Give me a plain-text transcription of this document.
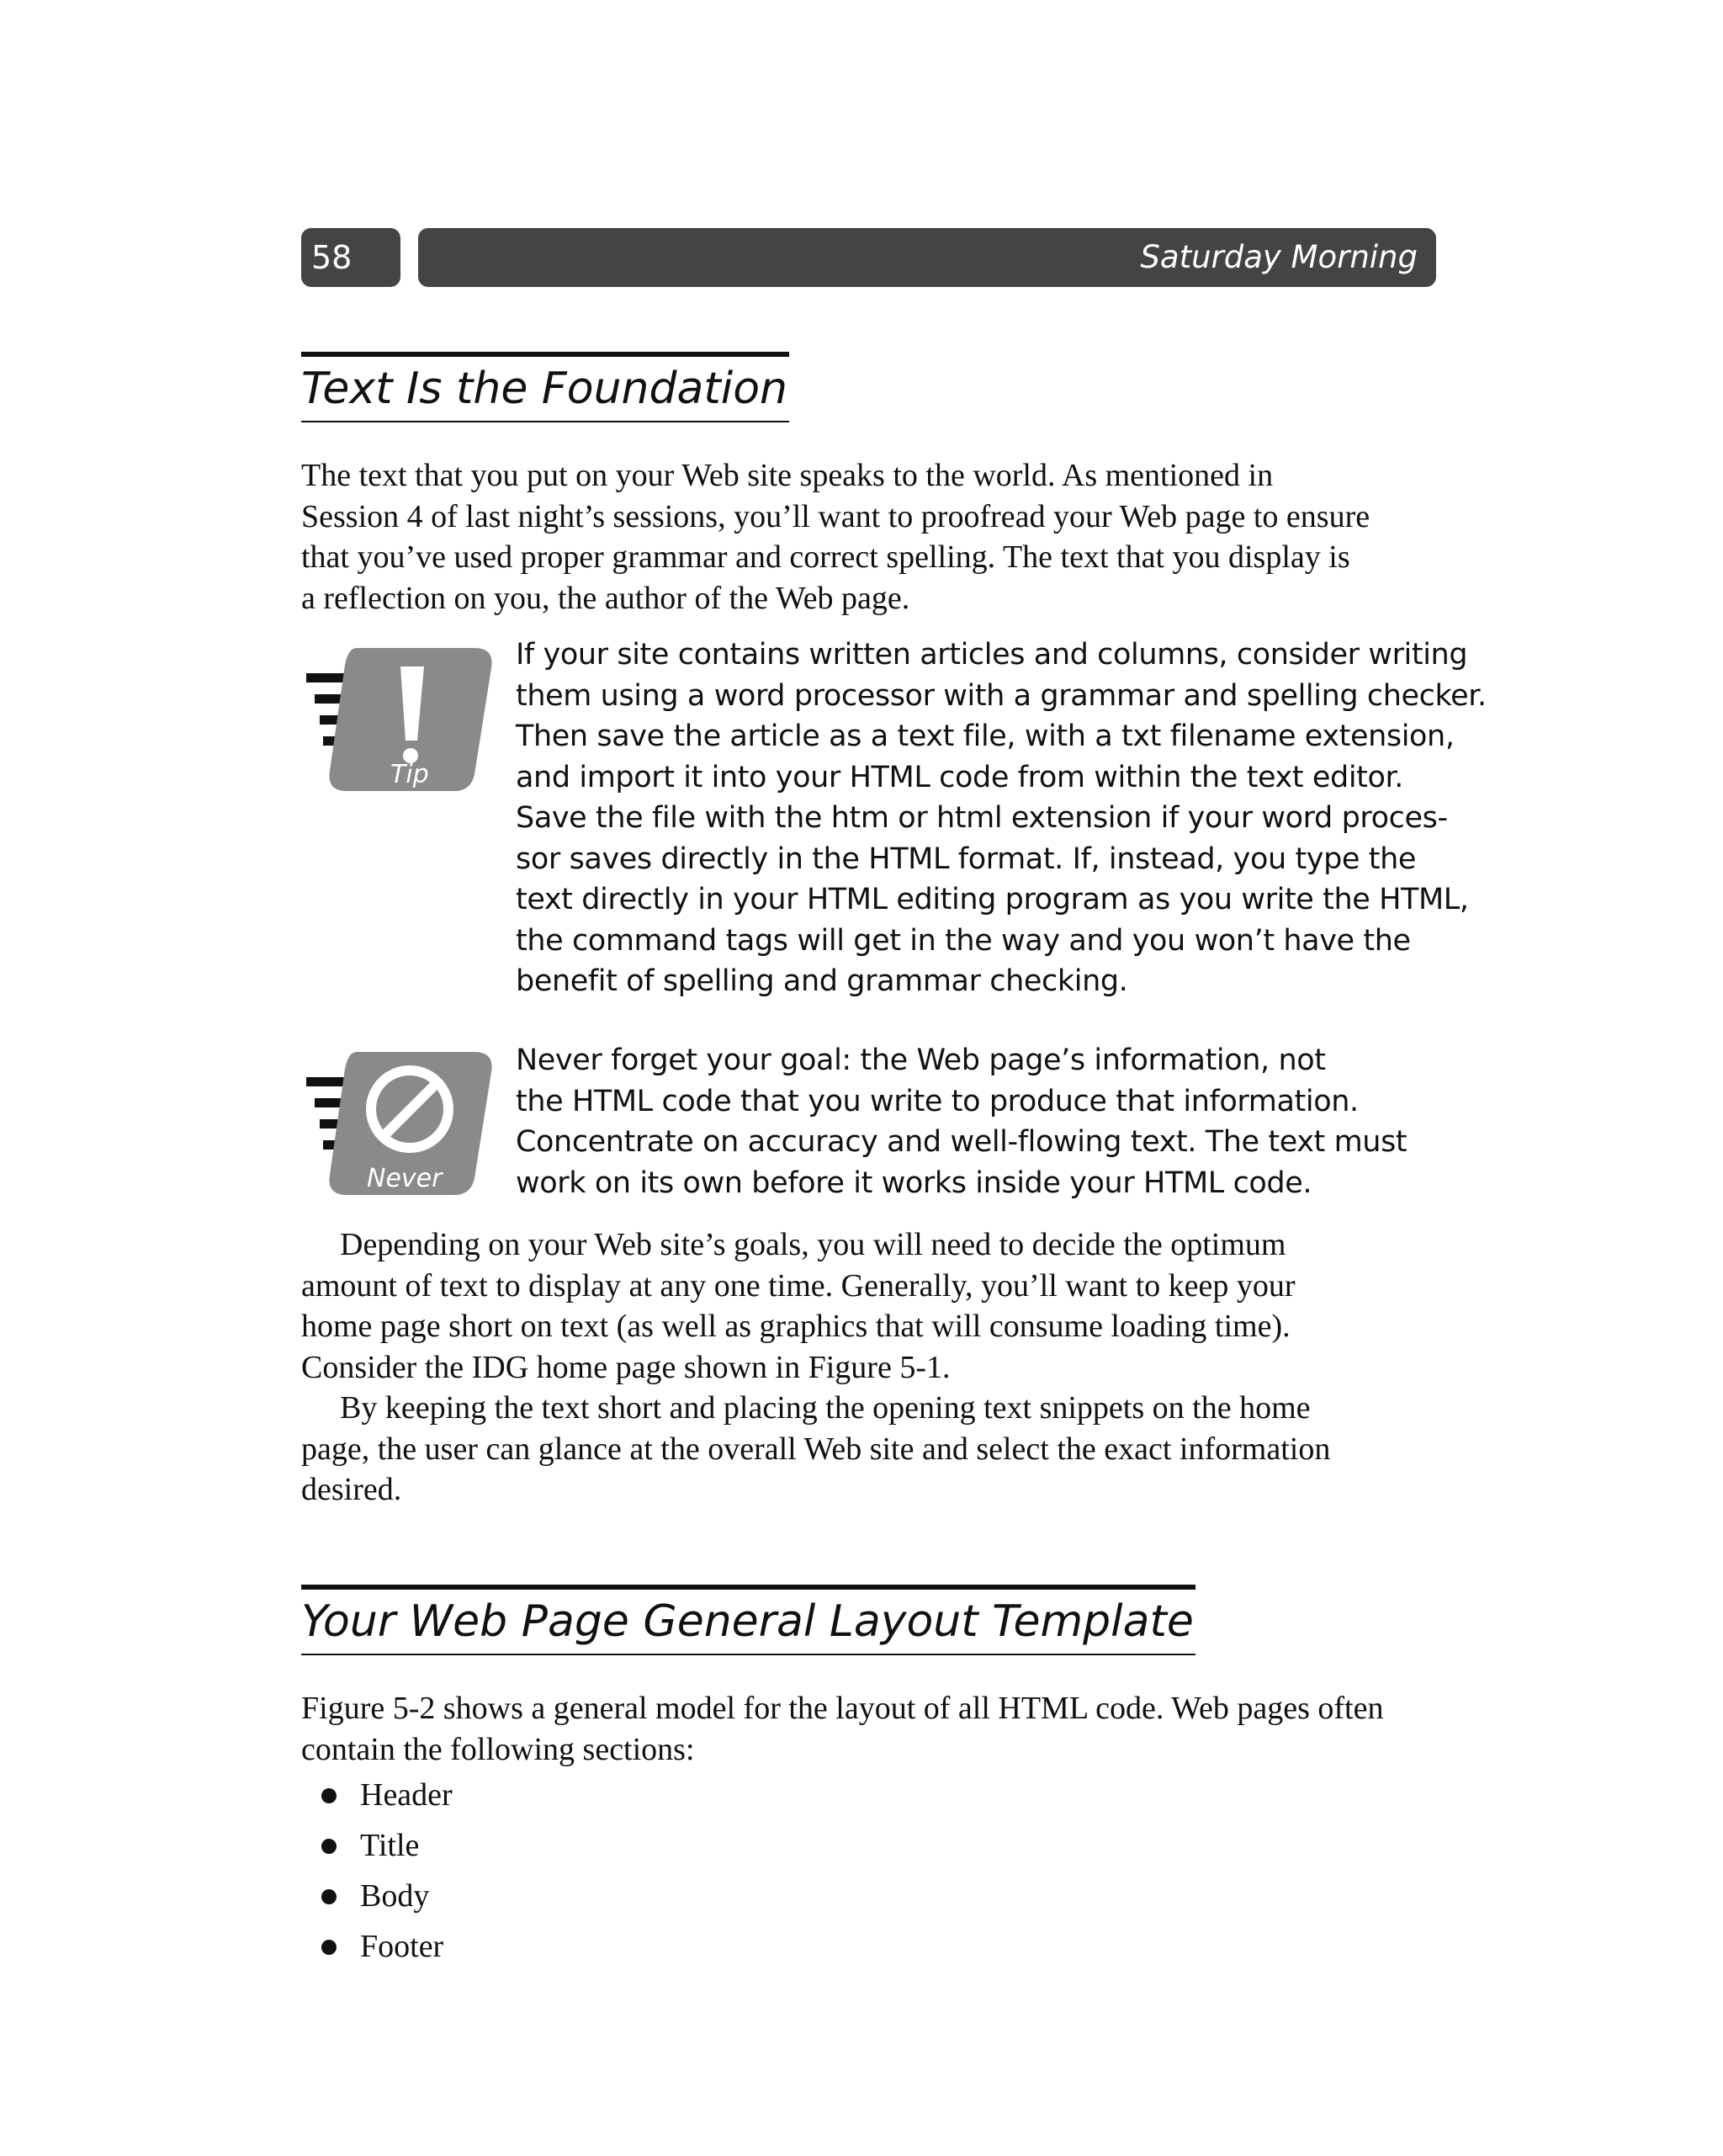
58	Saturday Morning
Text Is the Foundation

The text that you put on your Web site speaks to the world. As mentioned in
Session 4 of last night’s sessions, you’ll want to proofread your Web page to ensure
that you’ve used proper grammar and correct spelling. The text that you display is
a reflection on you, the author of the Web page.

Tip

If your site contains written articles and columns, consider writing
them using a word processor with a grammar and spelling checker.
Then save the article as a text file, with a txt filename extension,
and import it into your HTML code from within the text editor.
Save the file with the htm or html extension if your word proces-
sor saves directly in the HTML format. If, instead, you type the
text directly in your HTML editing program as you write the HTML,
the command tags will get in the way and you won’t have the
benefit of spelling and grammar checking.

Never

Never forget your goal: the Web page’s information, not
the HTML code that you write to produce that information.
Concentrate on accuracy and well-flowing text. The text must
work on its own before it works inside your HTML code.

Depending on your Web site’s goals, you will need to decide the optimum
amount of text to display at any one time. Generally, you’ll want to keep your
home page short on text (as well as graphics that will consume loading time).
Consider the IDG home page shown in Figure 5-1.

By keeping the text short and placing the opening text snippets on the home
page, the user can glance at the overall Web site and select the exact information
desired.

Your Web Page General Layout Template

Figure 5-2 shows a general model for the layout of all HTML code. Web pages often
contain the following sections:

Header
Title
Body
Footer
